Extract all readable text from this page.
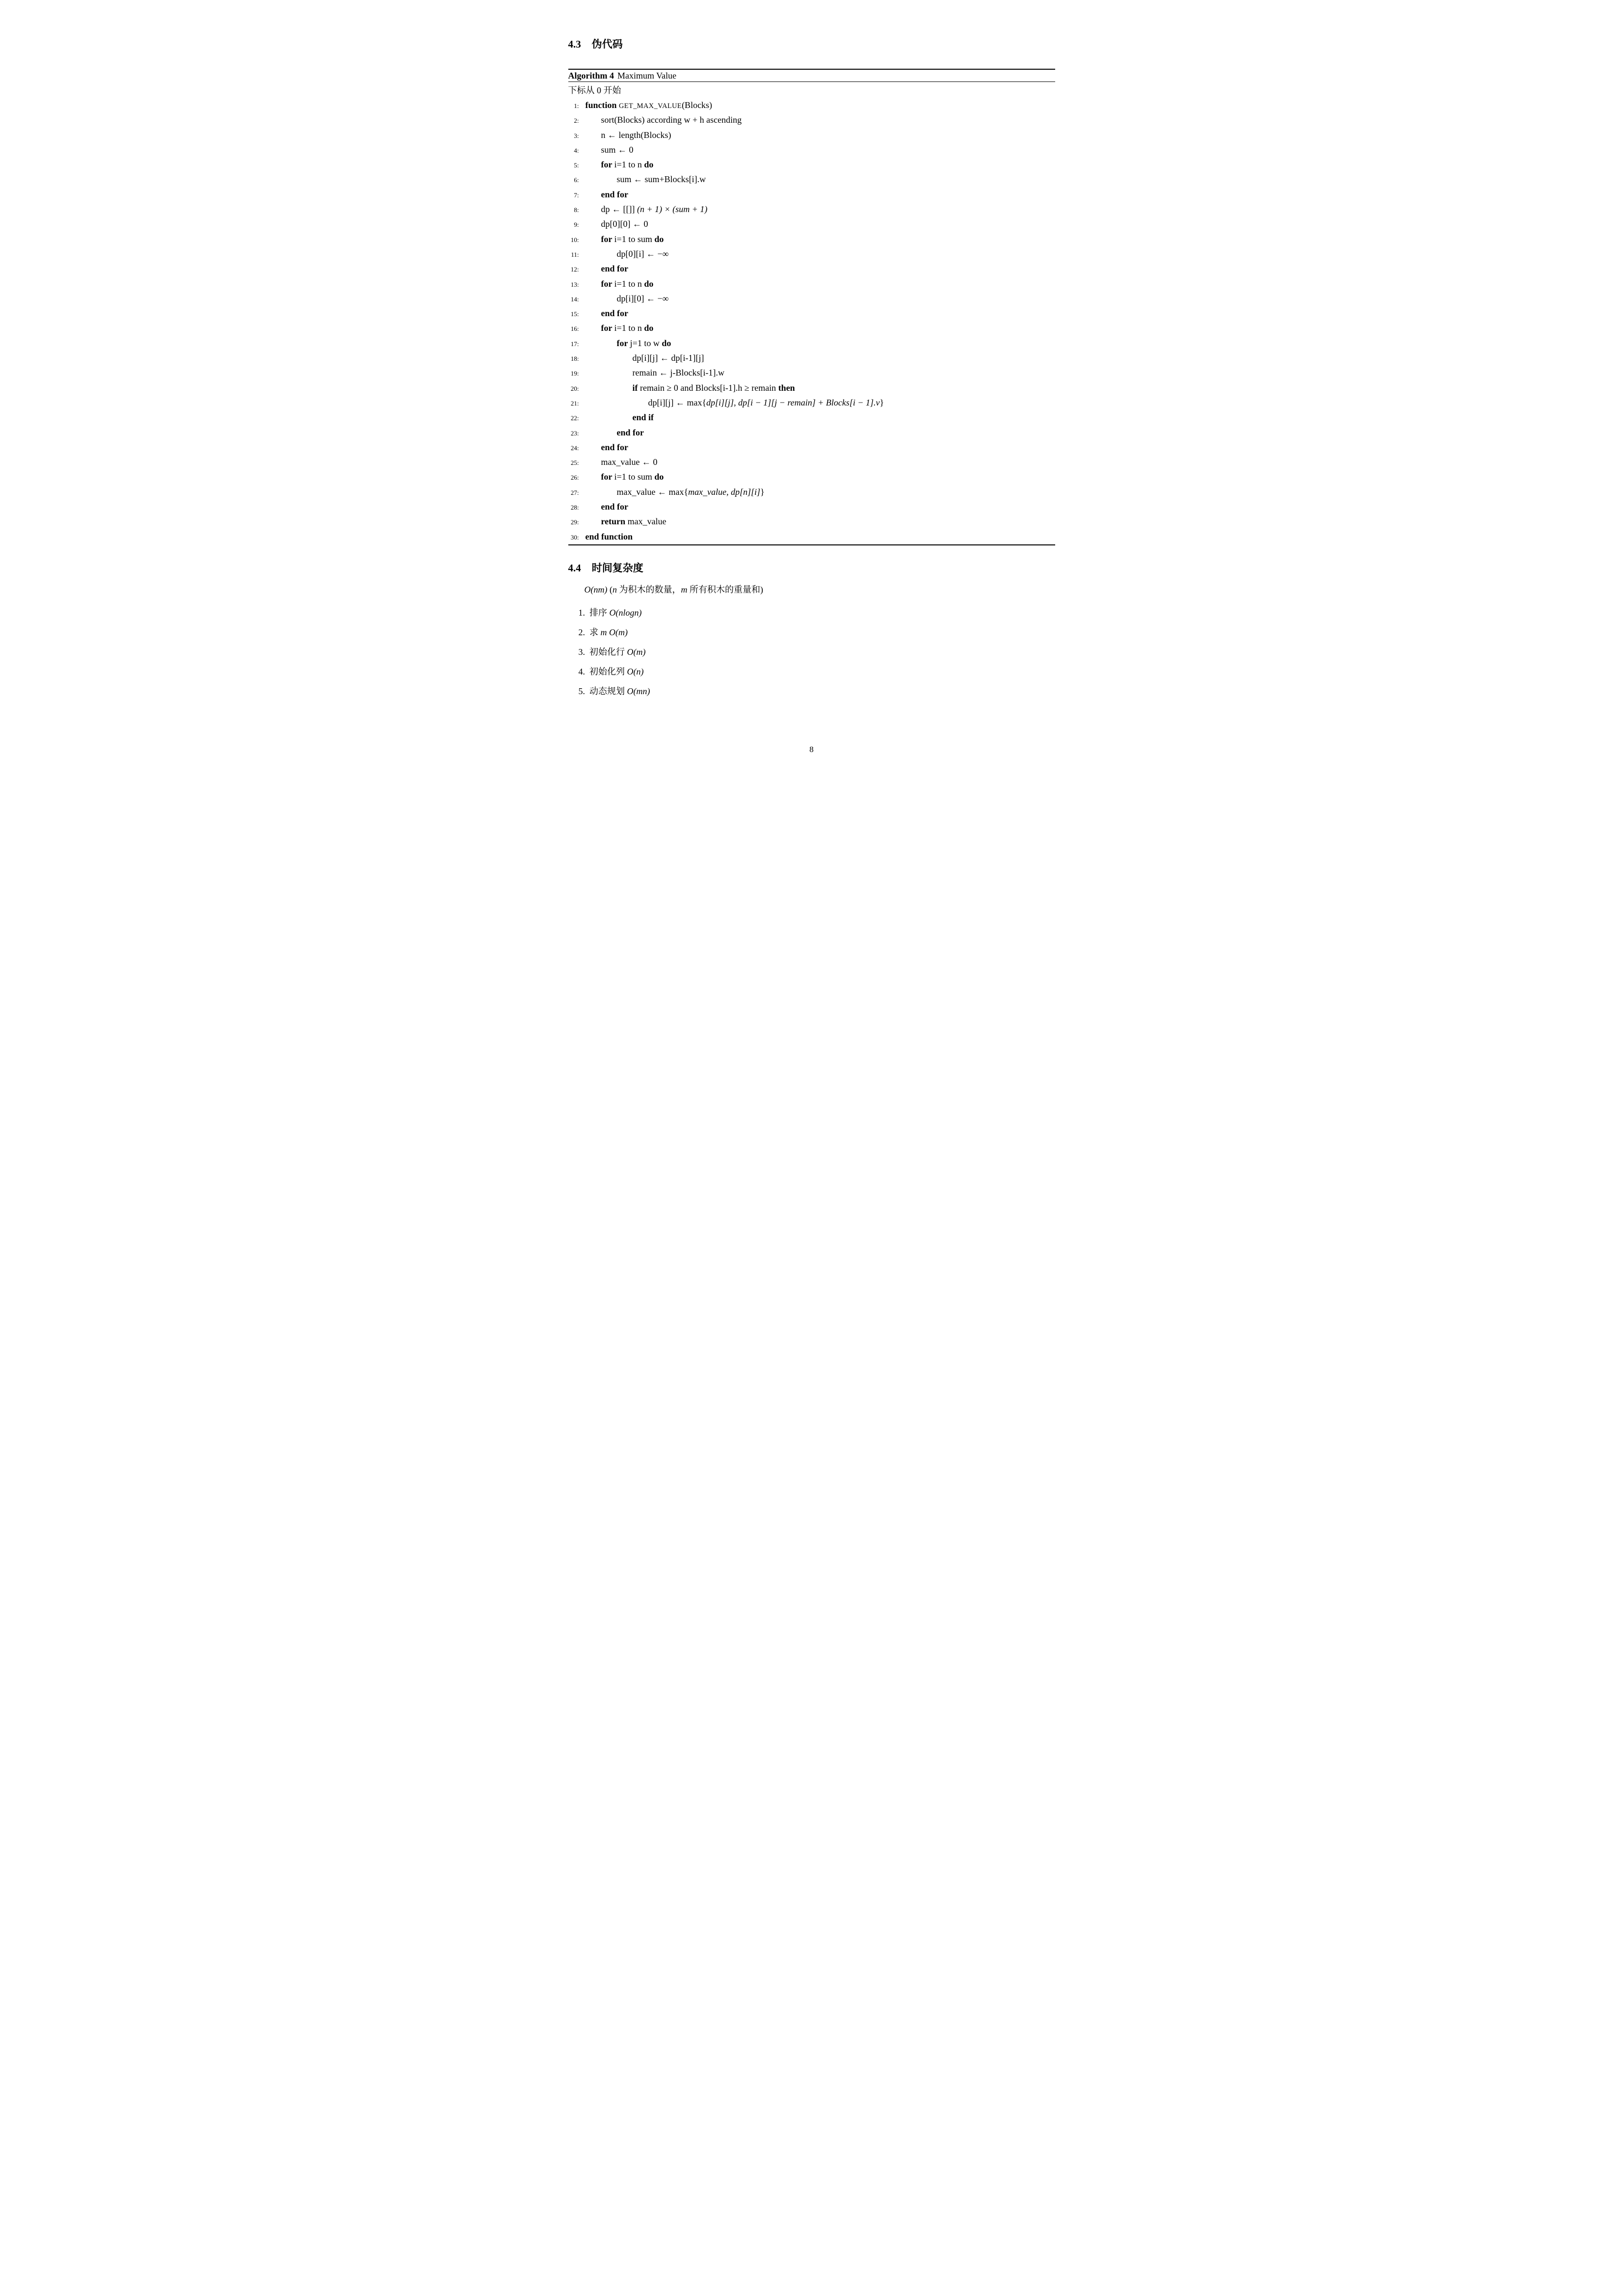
4.3 伪代码
Algorithm 4 Maximum Value
下标从 0 开始
1: function GET_MAX_VALUE(Blocks)
2:	sort(Blocks) according w + h ascending
3:	n ← length(Blocks)
4:	sum ← 0
5:	for i=1 to n do
6:	sum ← sum+Blocks[i].w
7:	end for
8:	dp ← [[]] (n + 1) × (sum + 1)
9:	dp[0][0] ← 0
10:	for i=1 to sum do
11:	dp[0][i] ← −∞
12:	end for
13:	for i=1 to n do
14:	dp[i][0] ← −∞
15:	end for
16:	for i=1 to n do
17:	for j=1 to w do
18:	dp[i][j] ← dp[i-1][j]
19:	remain ← j-Blocks[i-1].w
20:	if remain ≥ 0 and Blocks[i-1].h ≥ remain then
21:	dp[i][j] ← max{dp[i][j], dp[i − 1][j − remain] + Blocks[i − 1].v}
22:	end if
23:	end for
24:	end for
25:	max_value ← 0
26:	for i=1 to sum do
27:	max_value ← max{max_value, dp[n][i]}
28:	end for
29:	return max_value
30: end function
4.4 时间复杂度

O(nm) (n 为积木的数量，m 所有积木的重量和)

1. 排序 O(nlogn)
2. 求 m O(m)
3. 初始化行 O(m)
4. 初始化列 O(n)
5. 动态规划 O(mn)
8
